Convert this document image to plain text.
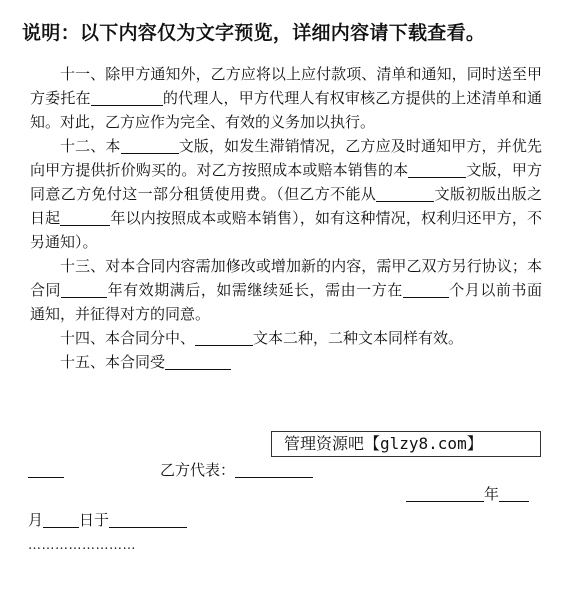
说明：以下内容仅为文字预览，详细内容请下载查看。

十一、除甲方通知外，乙方应将以上应付款项、清单和通知，同时送至甲方委托在	的代理人，甲方代理人有权审核乙方提供的上述清单和通知。对此，乙方应作为完全、有效的义务加以执行。

十二、本	文版，如发生滞销情况，乙方应及时通知甲方，并优先向甲方提供折价购买的。对乙方按照成本或赔本销售的本	文版，甲方同意乙方免付这一部分租赁使用费。（但乙方不能从	文版初版出版之日起	年以内按照成本或赔本销售），如有这种情况，权利归还甲方，不另通知）。

十三、对本合同内容需加修改或增加新的内容，需甲乙双方另行协议；本合同	年有效期满后，如需继续延长，需由一方在	个月以前书面通知，并征得对方的同意。

十四、本合同分中、	文本二种，二种文本同样有效。

十五、本合同受

管理资源吧【glzy8.com】
乙方代表：
年
月 日于
……………………
